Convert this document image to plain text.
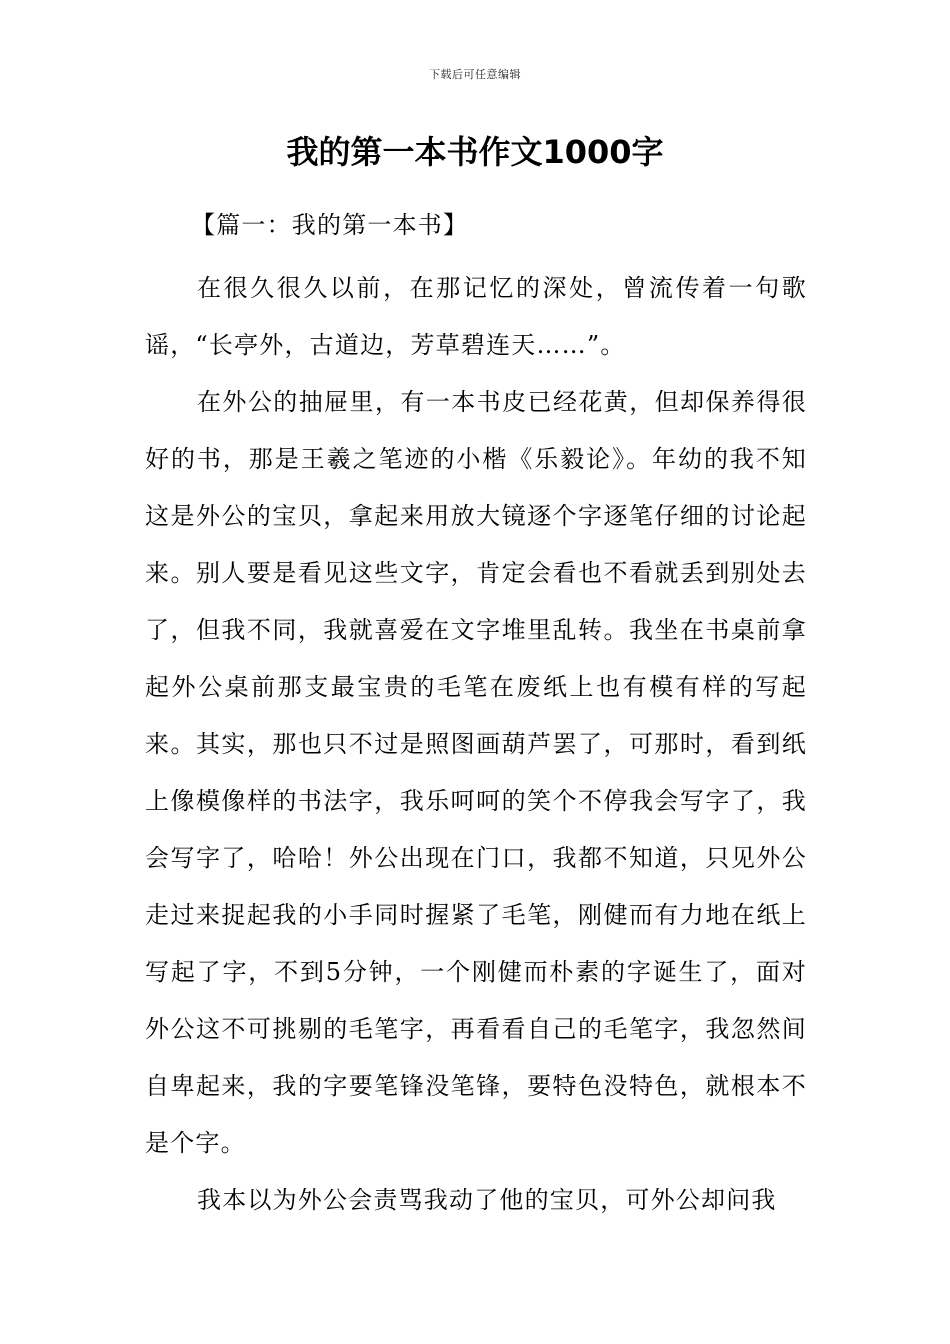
下载后可任意编辑
我的第一本书作文1000字

【篇一：我的第一本书】

在很久很久以前，在那记忆的深处，曾流传着一句歌谣，“长亭外，古道边，芳草碧连天……”。

在外公的抽屉里，有一本书皮已经花黄，但却保养得很好的书，那是王羲之笔迹的小楷《乐毅论》。年幼的我不知这是外公的宝贝，拿起来用放大镜逐个字逐笔仔细的讨论起来。别人要是看见这些文字，肯定会看也不看就丢到别处去了，但我不同，我就喜爱在文字堆里乱转。我坐在书桌前拿起外公桌前那支最宝贵的毛笔在废纸上也有模有样的写起来。其实，那也只不过是照图画葫芦罢了，可那时，看到纸上像模像样的书法字，我乐呵呵的笑个不停我会写字了，我会写字了，哈哈！外公出现在门口，我都不知道，只见外公走过来捉起我的小手同时握紧了毛笔，刚健而有力地在纸上写起了字，不到5分钟，一个刚健而朴素的字诞生了，面对外公这不可挑剔的毛笔字，再看看自己的毛笔字，我忽然间自卑起来，我的字要笔锋没笔锋，要特色没特色，就根本不是个字。

我本以为外公会责骂我动了他的宝贝，可外公却问我
